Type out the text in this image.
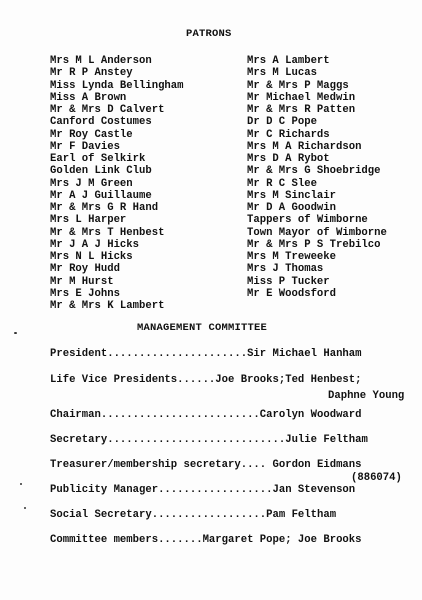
PATRONS
Mrs M L Anderson
Mr R P Anstey
Miss Lynda Bellingham
Miss A Brown
Mr & Mrs D Calvert
Canford Costumes
Mr Roy Castle
Mr F Davies
Earl of Selkirk
Golden Link Club
Mrs J M Green
Mr A J Guillaume
Mr & Mrs G R Hand
Mrs L Harper
Mr & Mrs T Henbest
Mr J A J Hicks
Mrs N L Hicks
Mr Roy Hudd
Mr M Hurst
Mrs E Johns
Mr & Mrs K Lambert
Mrs A Lambert
Mrs M Lucas
Mr & Mrs P Maggs
Mr Michael Medwin
Mr & Mrs R Patten
Dr D C Pope
Mr C Richards
Mrs M A Richardson
Mrs D A Rybot
Mr & Mrs G Shoebridge
Mr R C Slee
Mrs M Sinclair
Mr D A Goodwin
Tappers of Wimborne
Town Mayor of Wimborne
Mr & Mrs P S Trebilco
Mrs M Treweeke
Mrs J Thomas
Miss P Tucker
Mr E Woodsford
MANAGEMENT COMMITTEE
President......................Sir Michael Hanham
Life Vice Presidents......Joe Brooks;Ted Henbest;
Daphne Young
Chairman.........................Carolyn Woodward
Secretary............................Julie Feltham
Treasurer/membership secretary.... Gordon Eidmans
(886074)
Publicity Manager..................Jan Stevenson
Social Secretary..................Pam Feltham
Committee members.......Margaret Pope; Joe Brooks
